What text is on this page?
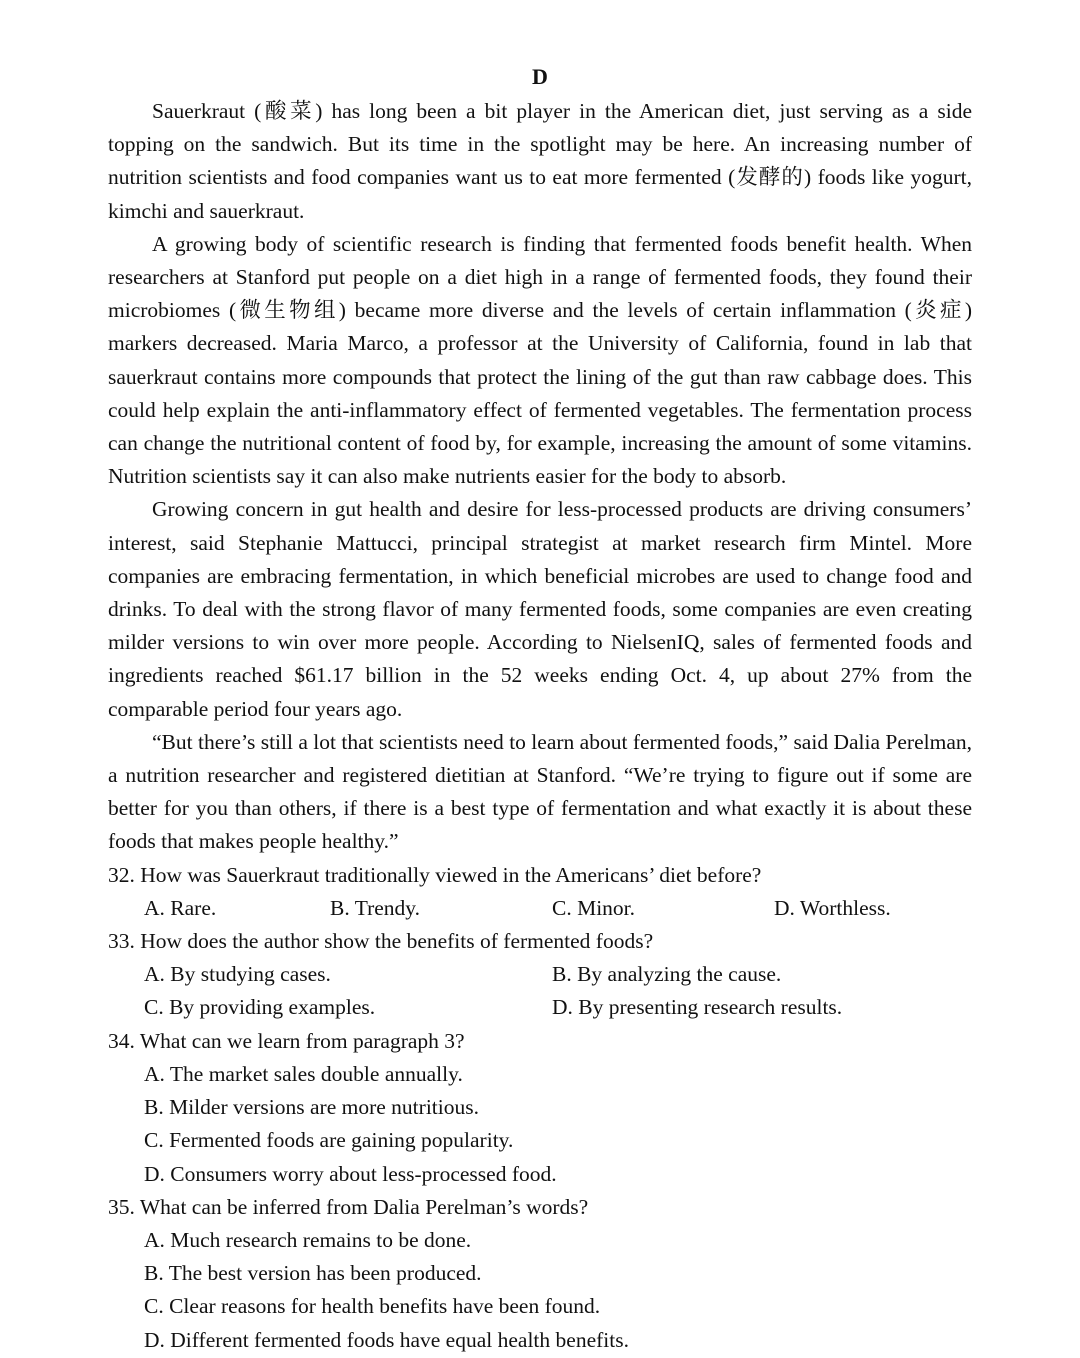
D

Sauerkraut (酸菜) has long been a bit player in the American diet, just serving as a side topping on the sandwich. But its time in the spotlight may be here. An increasing number of nutrition scientists and food companies want us to eat more fermented (发酵的) foods like yogurt, kimchi and sauerkraut.

A growing body of scientific research is finding that fermented foods benefit health. When researchers at Stanford put people on a diet high in a range of fermented foods, they found their microbiomes (微生物组) became more diverse and the levels of certain inflammation (炎症) markers decreased. Maria Marco, a professor at the University of California, found in lab that sauerkraut contains more compounds that protect the lining of the gut than raw cabbage does. This could help explain the anti-inflammatory effect of fermented vegetables. The fermentation process can change the nutritional content of food by, for example, increasing the amount of some vitamins. Nutrition scientists say it can also make nutrients easier for the body to absorb.

Growing concern in gut health and desire for less-processed products are driving consumers’ interest, said Stephanie Mattucci, principal strategist at market research firm Mintel. More companies are embracing fermentation, in which beneficial microbes are used to change food and drinks. To deal with the strong flavor of many fermented foods, some companies are even creating milder versions to win over more people. According to NielsenIQ, sales of fermented foods and ingredients reached $61.17 billion in the 52 weeks ending Oct. 4, up about 27% from the comparable period four years ago.

“But there’s still a lot that scientists need to learn about fermented foods,” said Dalia Perelman, a nutrition researcher and registered dietitian at Stanford. “We’re trying to figure out if some are better for you than others, if there is a best type of fermentation and what exactly it is about these foods that makes people healthy.”

32. How was Sauerkraut traditionally viewed in the Americans’ diet before?
A. Rare.	B. Trendy.	C. Minor.	D. Worthless.
33. How does the author show the benefits of fermented foods?
A. By studying cases.	B. By analyzing the cause.
C. By providing examples.	D. By presenting research results.
34. What can we learn from paragraph 3?
A. The market sales double annually.
B. Milder versions are more nutritious.
C. Fermented foods are gaining popularity.
D. Consumers worry about less-processed food.
35. What can be inferred from Dalia Perelman’s words?
A. Much research remains to be done.
B. The best version has been produced.
C. Clear reasons for health benefits have been found.
D. Different fermented foods have equal health benefits.
